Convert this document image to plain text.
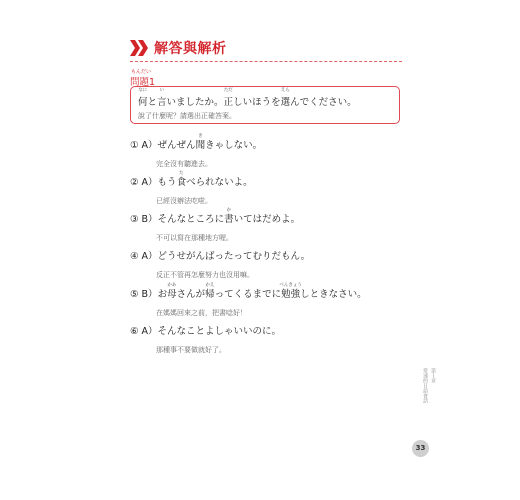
解答與解析
もんだい
問題1
なに
何と
い
言いましたか。
ただ
正しいほうを
えら
選んでください。
說了什麼呢？請選出正確答案。
① A）ぜんぜん
き
聞きゃしない。
完全沒有聽進去。
② A）もう
た
食べられないよ。
已經沒辦法吃啦。
③ B）そんなところに
か
書いてはだめよ。
不可以寫在那種地方喔。
④ A）どうせがんばったってむりだもん。
反正不管再怎麼努力也沒用嘛。
⑤ B）お
かあ
母さんが
かえ
帰ってくるまでに
べんきょう
勉強しときなさい。
在媽媽回來之前，把書唸好！
⑥ A）そんなことよしゃいいのに。
那種事不要做就好了。
第１章
常速的日語會話
33
